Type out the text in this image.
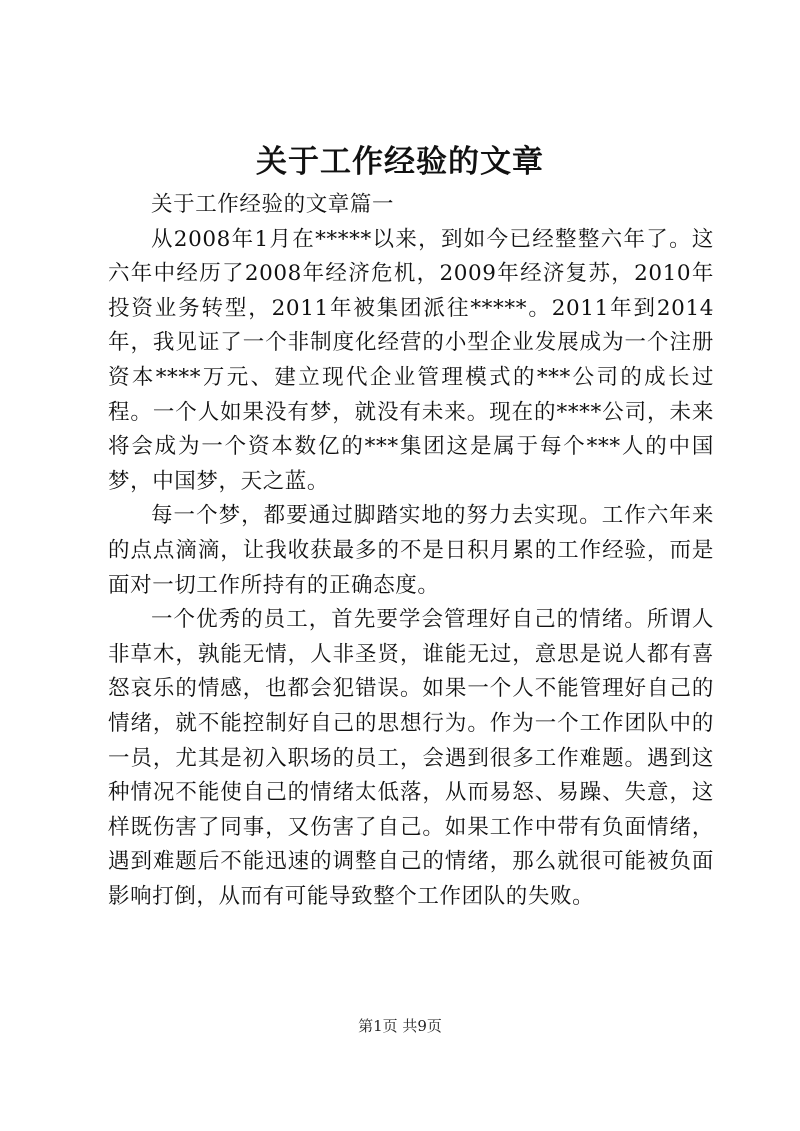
关于工作经验的文章

关于工作经验的文章篇一

从2008年1月在*****以来，到如今已经整整六年了。这六年中经历了2008年经济危机，2009年经济复苏，2010年投资业务转型，2011年被集团派往*****。2011年到2014年，我见证了一个非制度化经营的小型企业发展成为一个注册资本****万元、建立现代企业管理模式的***公司的成长过程。一个人如果没有梦，就没有未来。现在的****公司，未来将会成为一个资本数亿的***集团这是属于每个***人的中国梦，中国梦，天之蓝。

每一个梦，都要通过脚踏实地的努力去实现。工作六年来的点点滴滴，让我收获最多的不是日积月累的工作经验，而是面对一切工作所持有的正确态度。

一个优秀的员工，首先要学会管理好自己的情绪。所谓人非草木，孰能无情，人非圣贤，谁能无过，意思是说人都有喜怒哀乐的情感，也都会犯错误。如果一个人不能管理好自己的情绪，就不能控制好自己的思想行为。作为一个工作团队中的一员，尤其是初入职场的员工，会遇到很多工作难题。遇到这种情况不能使自己的情绪太低落，从而易怒、易躁、失意，这样既伤害了同事，又伤害了自己。如果工作中带有负面情绪，遇到难题后不能迅速的调整自己的情绪，那么就很可能被负面影响打倒，从而有可能导致整个工作团队的失败。

第1页 共9页
